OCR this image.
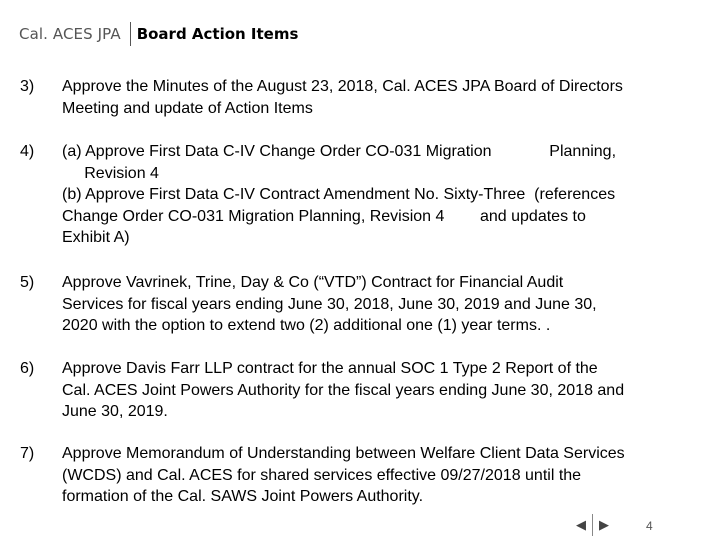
Cal. ACES JPA Board Action Items
3) Approve the Minutes of the August 23, 2018, Cal. ACES JPA Board of Directors
Meeting and update of Action Items
4) (a) Approve First Data C-IV Change Order CO-031 Migration             Planning,
Revision 4
(b) Approve First Data C-IV Contract Amendment No. Sixty-Three  (references
Change Order CO-031 Migration Planning, Revision 4        and updates to
Exhibit A)
5) Approve Vavrinek, Trine, Day & Co (“VTD”) Contract for Financial Audit
Services for fiscal years ending June 30, 2018, June 30, 2019 and June 30,
2020 with the option to extend two (2) additional one (1) year terms. .
6) Approve Davis Farr LLP contract for the annual SOC 1 Type 2 Report of the
Cal. ACES Joint Powers Authority for the fiscal years ending June 30, 2018 and
June 30, 2019.
7) Approve Memorandum of Understanding between Welfare Client Data Services
(WCDS) and Cal. ACES for shared services effective 09/27/2018 until the
formation of the Cal. SAWS Joint Powers Authority.
◀ ▶	4
